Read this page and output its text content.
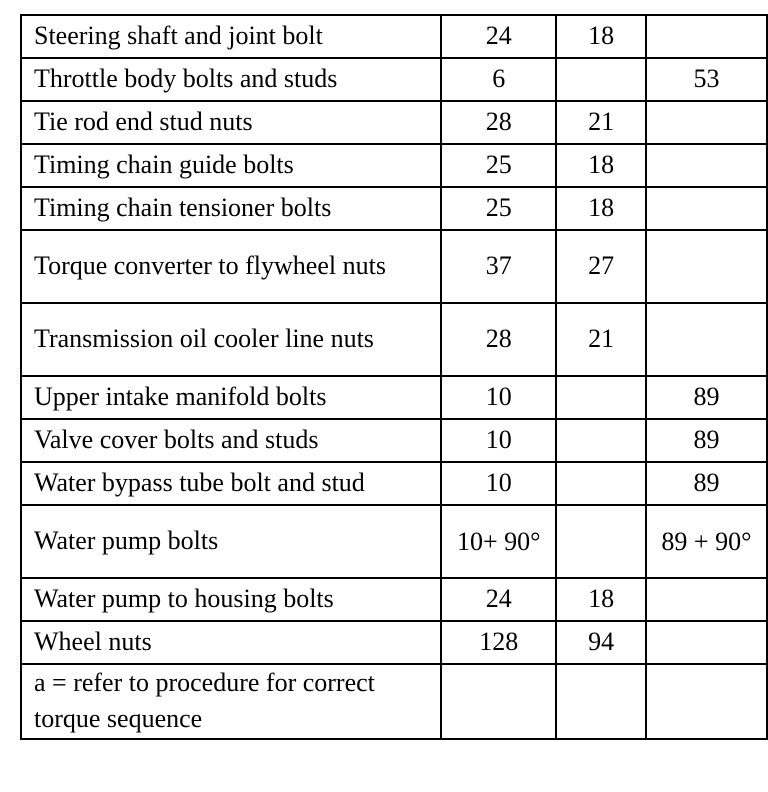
Steering shaft and joint bolt	24	18	
Throttle body bolts and studs	6		53
Tie rod end stud nuts	28	21	
Timing chain guide bolts	25	18	
Timing chain tensioner bolts	25	18	
Torque converter to flywheel nuts	37	27	
Transmission oil cooler line nuts	28	21	
Upper intake manifold bolts	10		89
Valve cover bolts and studs	10		89
Water bypass tube bolt and stud	10		89
Water pump bolts	10+ 90°		89 + 90°

Water pump to housing bolts	24	18	
Wheel nuts	128	94	
a = refer to procedure for correct torque sequence			
